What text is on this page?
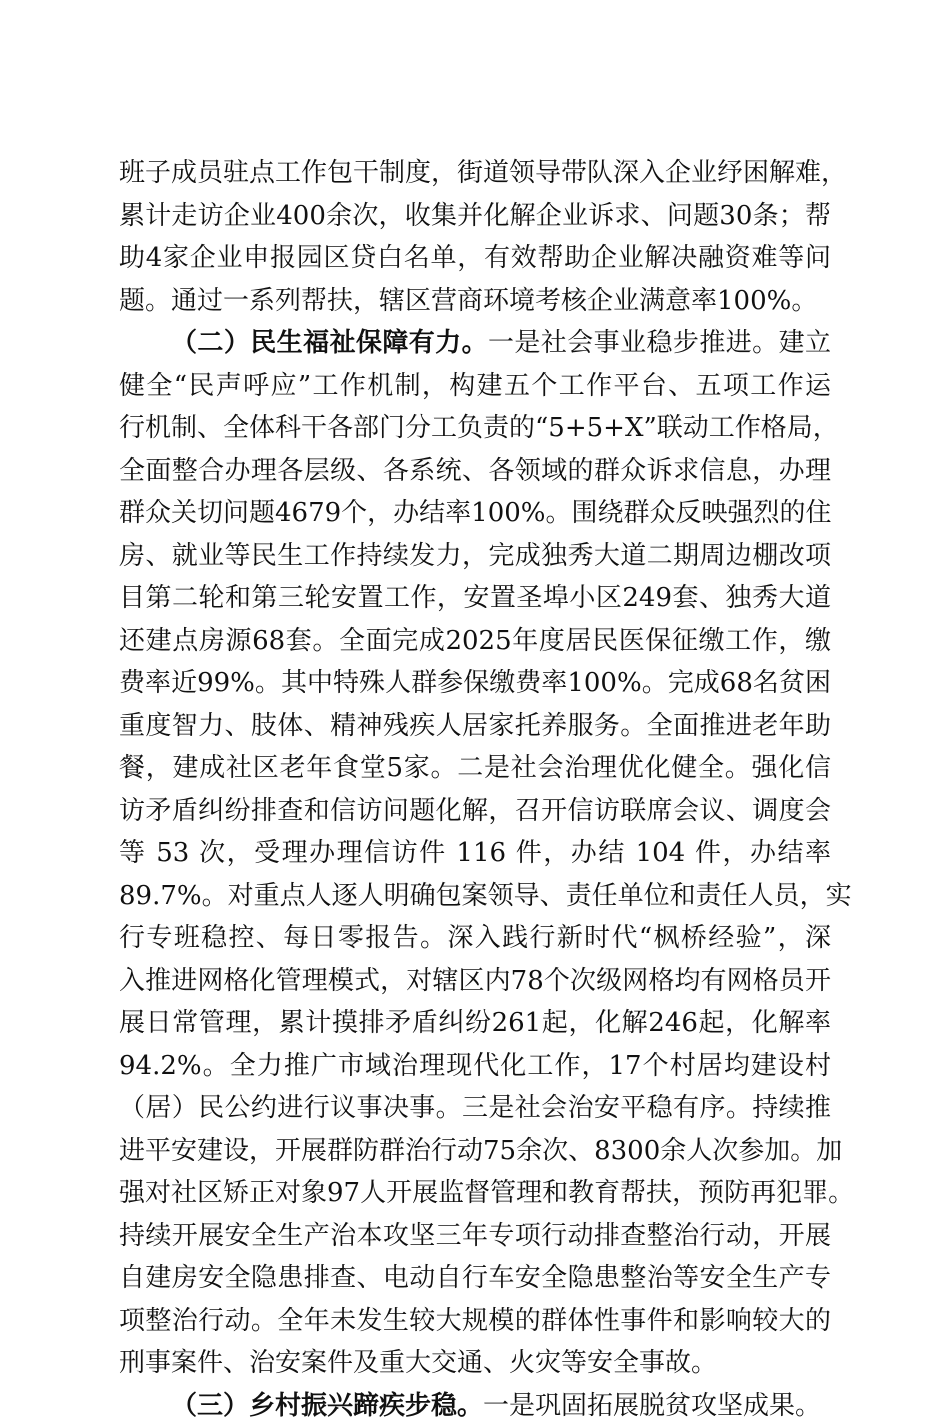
班子成员驻点工作包干制度，街道领导带队深入企业纾困解难，
累计走访企业400余次，收集并化解企业诉求、问题30条；帮
助4家企业申报园区贷白名单，有效帮助企业解决融资难等问
题。通过一系列帮扶，辖区营商环境考核企业满意率100%。
（二）民生福祉保障有力。一是社会事业稳步推进。建立
健全“民声呼应”工作机制，构建五个工作平台、五项工作运
行机制、全体科干各部门分工负责的“5+5+X”联动工作格局，
全面整合办理各层级、各系统、各领域的群众诉求信息，办理
群众关切问题4679个，办结率100%。围绕群众反映强烈的住
房、就业等民生工作持续发力，完成独秀大道二期周边棚改项
目第二轮和第三轮安置工作，安置圣埠小区249套、独秀大道
还建点房源68套。全面完成2025年度居民医保征缴工作，缴
费率近99%。其中特殊人群参保缴费率100%。完成68名贫困
重度智力、肢体、精神残疾人居家托养服务。全面推进老年助
餐，建成社区老年食堂5家。二是社会治理优化健全。强化信
访矛盾纠纷排查和信访问题化解，召开信访联席会议、调度会
等 53 次，受理办理信访件 116 件，办结 104 件，办结率
89.7%。对重点人逐人明确包案领导、责任单位和责任人员，实
行专班稳控、每日零报告。深入践行新时代“枫桥经验”，深
入推进网格化管理模式，对辖区内78个次级网格均有网格员开
展日常管理，累计摸排矛盾纠纷261起，化解246起，化解率
94.2%。全力推广市域治理现代化工作，17个村居均建设村
（居）民公约进行议事决事。三是社会治安平稳有序。持续推
进平安建设，开展群防群治行动75余次、8300余人次参加。加
强对社区矫正对象97人开展监督管理和教育帮扶，预防再犯罪。
持续开展安全生产治本攻坚三年专项行动排查整治行动，开展
自建房安全隐患排查、电动自行车安全隐患整治等安全生产专
项整治行动。全年未发生较大规模的群体性事件和影响较大的
刑事案件、治安案件及重大交通、火灾等安全事故。
（三）乡村振兴蹄疾步稳。一是巩固拓展脱贫攻坚成果。
